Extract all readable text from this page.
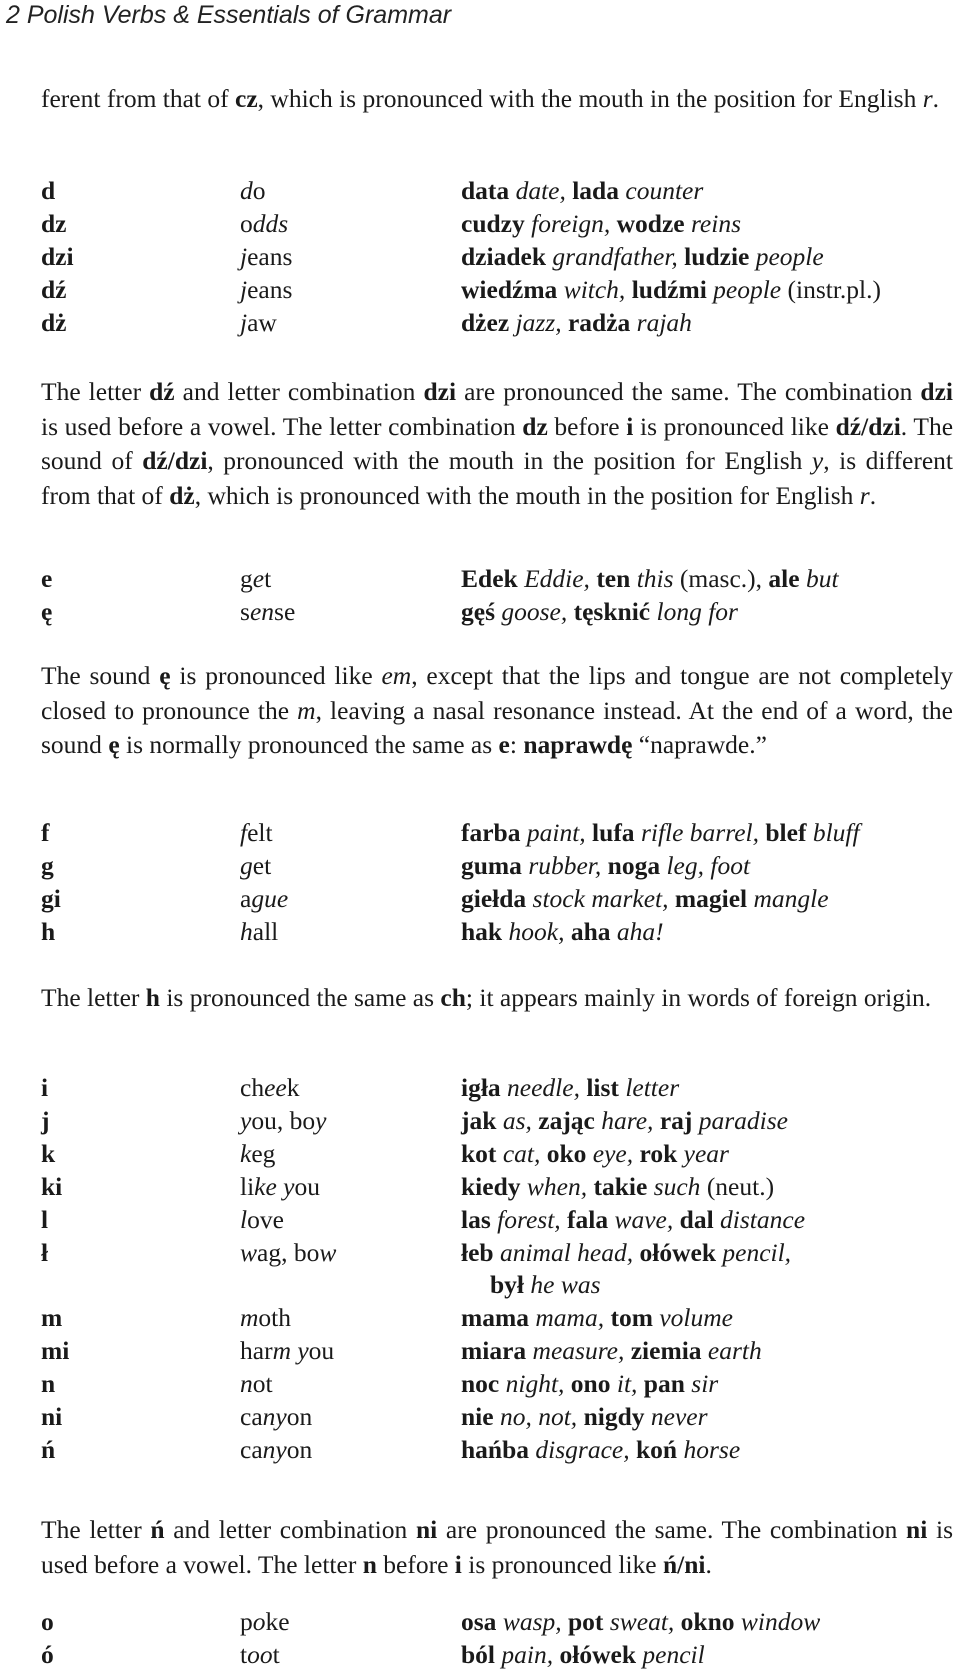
2 Polish Verbs & Essentials of Grammar

ferent from that of cz, which is pronounced with the mouth in the position for English r.

The letter dź and letter combination dzi are pronounced the same. The combination dzi is used before a vowel. The letter combination dz before i is pronounced like dź/dzi. The sound of dź/dzi, pronounced with the mouth in the position for English y, is different from that of dż, which is pronounced with the mouth in the position for English r.

The sound ę is pronounced like em, except that the lips and tongue are not completely closed to pronounce the m, leaving a nasal resonance instead. At the end of a word, the sound ę is normally pronounced the same as e: naprawdę “naprawde.”

The letter h is pronounced the same as ch; it appears mainly in words of foreign origin.

The letter ń and letter combination ni are pronounced the same. The combination ni is used before a vowel. The letter n before i is pronounced like ń/ni.

d	do	data date, lada counter
dz	odds	cudzy foreign, wodze reins
dzi	jeans	dziadek grandfather, ludzie people
dź	jeans	wiedźma witch, ludźmi people (instr.pl.)
dż	jaw	dżez jazz, radża rajah
e	get	Edek Eddie, ten this (masc.), ale but
ę	sense	gęś goose, tęsknić long for
f	felt	farba paint, lufa rifle barrel, blef bluff
g	get	guma rubber, noga leg, foot
gi	ague	giełda stock market, magiel mangle
h	hall	hak hook, aha aha!
i	cheek	igła needle, list letter
j	you, boy	jak as, zając hare, raj paradise
k	keg	kot cat, oko eye, rok year
ki	like you	kiedy when, takie such (neut.)
l	love	las forest, fala wave, dal distance
ł	wag, bow	łeb animal head, ołówek pencil,
był he was
m	moth	mama mama, tom volume
mi	harm you	miara measure, ziemia earth
n	not	noc night, ono it, pan sir
ni	canyon	nie no, not, nigdy never
ń	canyon	hańba disgrace, koń horse
o	poke	osa wasp, pot sweat, okno window
ó	toot	ból pain, ołówek pencil
